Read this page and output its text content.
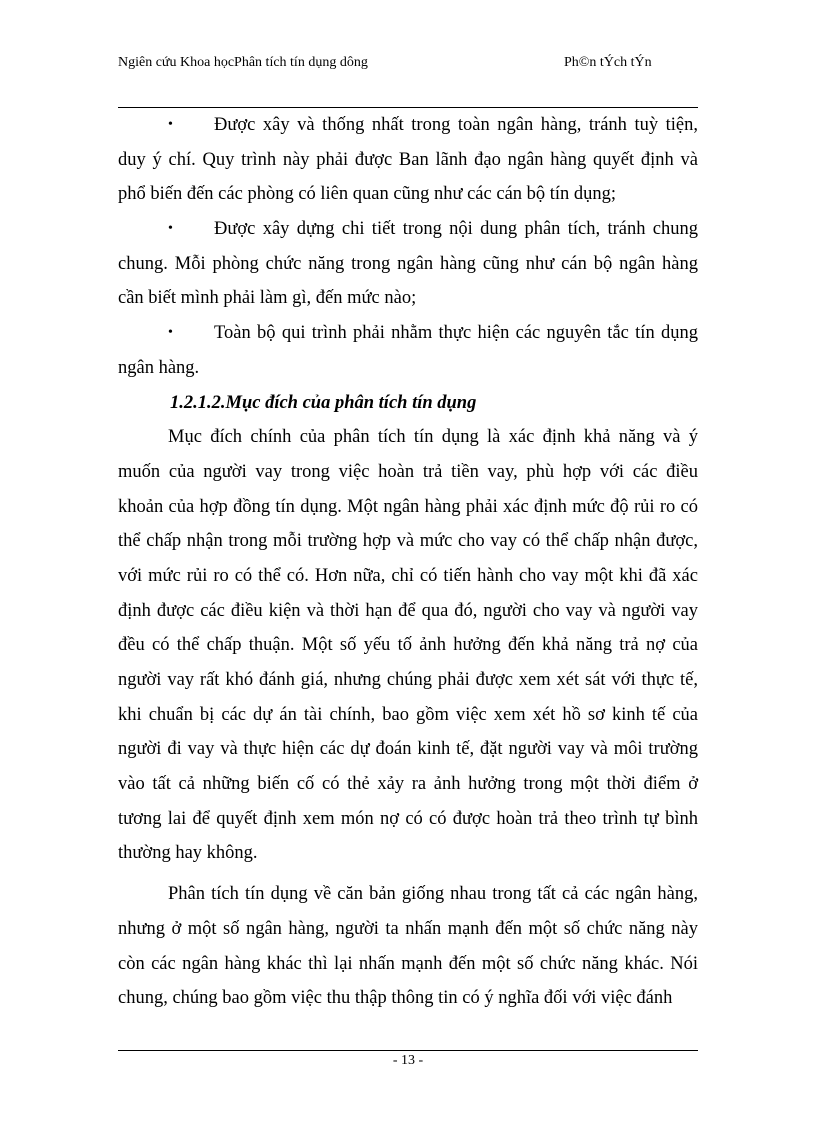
Ngiên cứu Khoa họcPhân tích tín dụng dông	Ph©n tÝch tÝn
• Được xây và thống nhất trong toàn ngân hàng, tránh tuỳ tiện,
duy ý chí. Quy trình này phải được Ban lãnh đạo ngân hàng quyết định và
phổ biến đến các phòng có liên quan cũng như các cán bộ tín dụng;
• Được xây dựng chi tiết trong nội dung phân tích, tránh chung
chung. Mỗi phòng chức năng trong ngân hàng cũng như cán bộ ngân hàng
cần biết mình phải làm gì, đến mức nào;
• Toàn bộ qui trình phải nhằm thực hiện các nguyên tắc tín dụng
ngân hàng.
1.2.1.2.Mục đích của phân tích tín dụng
Mục đích chính của phân tích tín dụng là xác định khả năng và ý
muốn của người vay trong việc hoàn trả tiền vay, phù hợp với các điều
khoản của hợp đồng tín dụng. Một ngân hàng phải xác định mức độ rủi ro có
thể chấp nhận trong mỗi trường hợp và mức cho vay có thể chấp nhận được,
với mức rủi ro có thể có. Hơn nữa, chỉ có tiến hành cho vay một khi đã xác
định được các điều kiện và thời hạn để qua đó, người cho vay và người vay
đều có thể chấp thuận. Một số yếu tố ảnh hưởng đến khả năng trả nợ của
người vay rất khó đánh giá, nhưng chúng phải được xem xét sát với thực tế,
khi chuẩn bị các dự án tài chính, bao gồm việc xem xét hồ sơ kinh tế của
người đi vay và thực hiện các dự đoán kinh tế, đặt người vay và môi trường
vào tất cả những biến cố có thẻ xảy ra ảnh hưởng trong một thời điểm ở
tương lai để quyết định xem món nợ có có được hoàn trả theo trình tự bình
thường hay không.
Phân tích tín dụng về căn bản giống nhau trong tất cả các ngân hàng,
nhưng ở một số ngân hàng, người ta nhấn mạnh đến một số chức năng này
còn các ngân hàng khác thì lại nhấn mạnh đến một số chức năng khác. Nói
chung, chúng bao gồm việc thu thập thông tin có ý nghĩa đối với việc đánh
- 13 -
